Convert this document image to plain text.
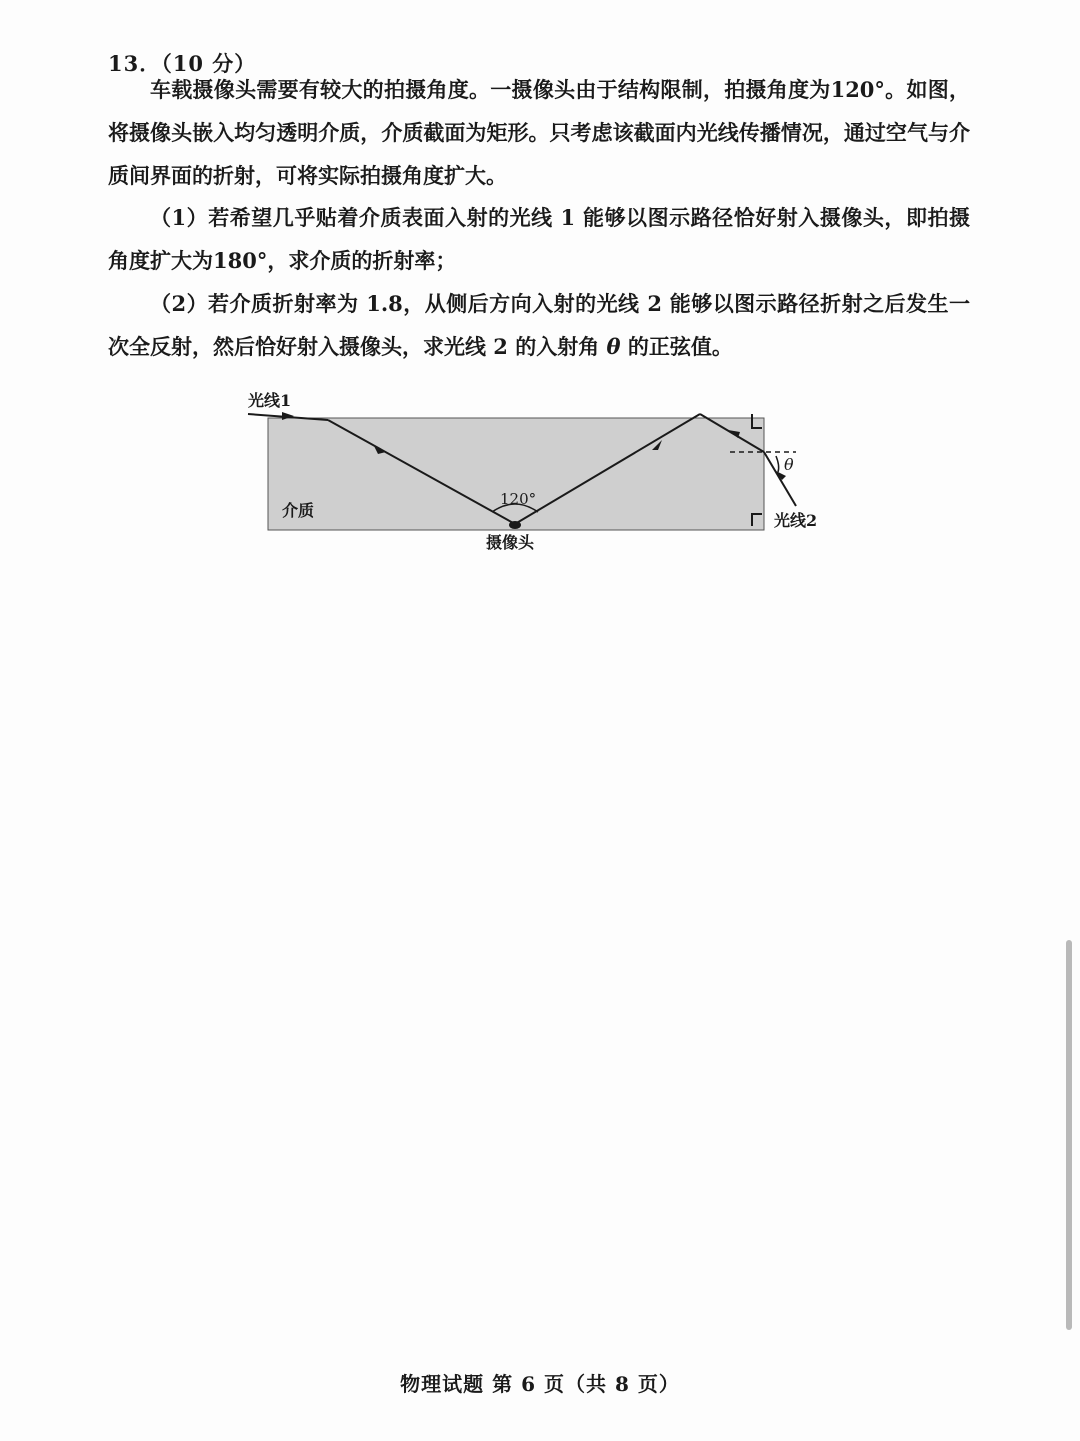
13．（10 分）
车载摄像头需要有较大的拍摄角度。一摄像头由于结构限制，拍摄角度为120°。如图，将摄像头嵌入均匀透明介质，介质截面为矩形。只考虑该截面内光线传播情况，通过空气与介质间界面的折射，可将实际拍摄角度扩大。
（1）若希望几乎贴着介质表面入射的光线 1 能够以图示路径恰好射入摄像头，即拍摄角度扩大为180°，求介质的折射率；
（2）若介质折射率为 1.8，从侧后方向入射的光线 2 能够以图示路径折射之后发生一次全反射，然后恰好射入摄像头，求光线 2 的入射角 θ 的正弦值。
光线1
光线2
介质
摄像头
120°
θ
物理试题 第 6 页（共 8 页）
